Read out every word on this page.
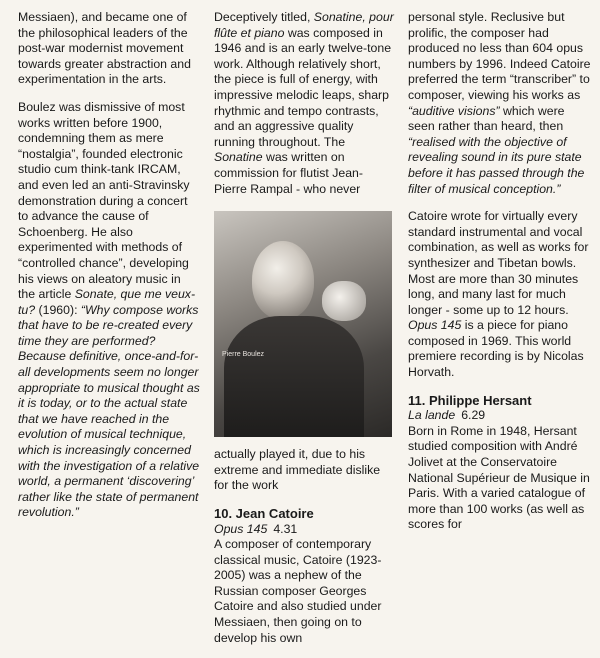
Messiaen), and became one of the philosophical leaders of the post-war modernist movement towards greater abstraction and experimentation in the arts.

Boulez was dismissive of most works written before 1900, condemning them as mere “nostalgia”, founded electronic studio cum think-tank IRCAM, and even led an anti-Stravinsky demonstration during a concert to advance the cause of Schoenberg. He also experimented with methods of “controlled chance”, developing his views on aleatory music in the article Sonate, que me veux-tu? (1960): “Why compose works that have to be re-created every time they are performed? Because definitive, once-and-for-all developments seem no longer appropriate to musical thought as it is today, or to the actual state that we have reached in the evolution of musical technique, which is increasingly concerned with the investigation of a relative world, a permanent ‘discovering’ rather like the state of permanent revolution.”

Deceptively titled, Sonatine, pour flûte et piano was composed in 1946 and is an early twelve-tone work. Although relatively short, the piece is full of energy, with impressive melodic leaps, sharp rhythmic and tempo contrasts, and an aggressive quality running throughout. The Sonatine was written on commission for flutist Jean-Pierre Rampal - who never

Pierre Boulez

actually played it, due to his extreme and immediate dislike for the work

10. Jean Catoire

Opus 145 4.31

A composer of contemporary classical music, Catoire (1923-2005) was a nephew of the Russian composer Georges Catoire and also studied under Messiaen, then going on to develop his own

personal style. Reclusive but prolific, the composer had produced no less than 604 opus numbers by 1996. Indeed Catoire preferred the term “transcriber” to composer, viewing his works as “auditive visions” which were seen rather than heard, then “realised with the objective of revealing sound in its pure state before it has passed through the filter of musical conception.”

Catoire wrote for virtually every standard instrumental and vocal combination, as well as works for synthesizer and Tibetan bowls. Most are more than 30 minutes long, and many last for much longer - some up to 12 hours. Opus 145 is a piece for piano composed in 1969. This world premiere recording is by Nicolas Horvath.

11. Philippe Hersant

La lande 6.29

Born in Rome in 1948, Hersant studied composition with André Jolivet at the Conservatoire National Supérieur de Musique in Paris. With a varied catalogue of more than 100 works (as well as scores for
